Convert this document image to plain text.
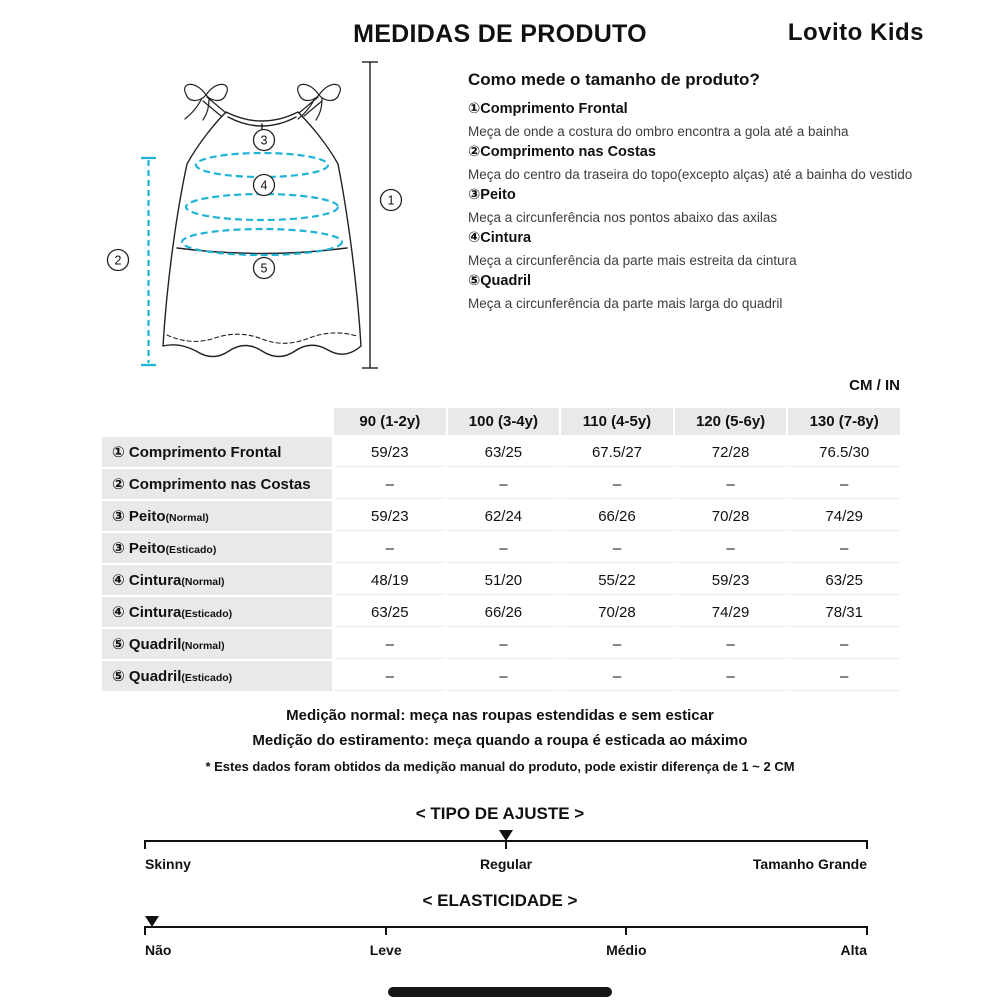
MEDIDAS DE PRODUTO	Lovito Kids
1
2
3
4
5
Como mede o tamanho de produto?
①Comprimento Frontal
Meça de onde a costura do ombro encontra a gola até a bainha
②Comprimento nas Costas
Meça do centro da traseira do topo(excepto alças) até a bainha do vestido
③Peito
Meça a circunferência nos pontos abaixo das axilas
④Cintura
Meça a circunferência da parte mais estreita da cintura
⑤Quadril
Meça a circunferência da parte mais larga do quadril
CM / IN
	90 (1-2y)	100 (3-4y)	110 (4-5y)	120 (5-6y)	130 (7-8y)
① Comprimento Frontal	59/23	63/25	67.5/27	72/28	76.5/30
② Comprimento nas Costas	–	–	–	–	–
③ Peito(Normal)	59/23	62/24	66/26	70/28	74/29
③ Peito(Esticado)	–	–	–	–	–
④ Cintura(Normal)	48/19	51/20	55/22	59/23	63/25
④ Cintura(Esticado)	63/25	66/26	70/28	74/29	78/31
⑤ Quadril(Normal)	–	–	–	–	–
⑤ Quadril(Esticado)	–	–	–	–	–
Medição normal: meça nas roupas estendidas e sem esticar
Medição do estiramento: meça quando a roupa é esticada ao máximo
* Estes dados foram obtidos da medição manual do produto, pode existir diferença de 1 ~ 2 CM
< TIPO DE AJUSTE >
Skinny	Regular	Tamanho Grande
< ELASTICIDADE >
Não	Leve	Médio	Alta
